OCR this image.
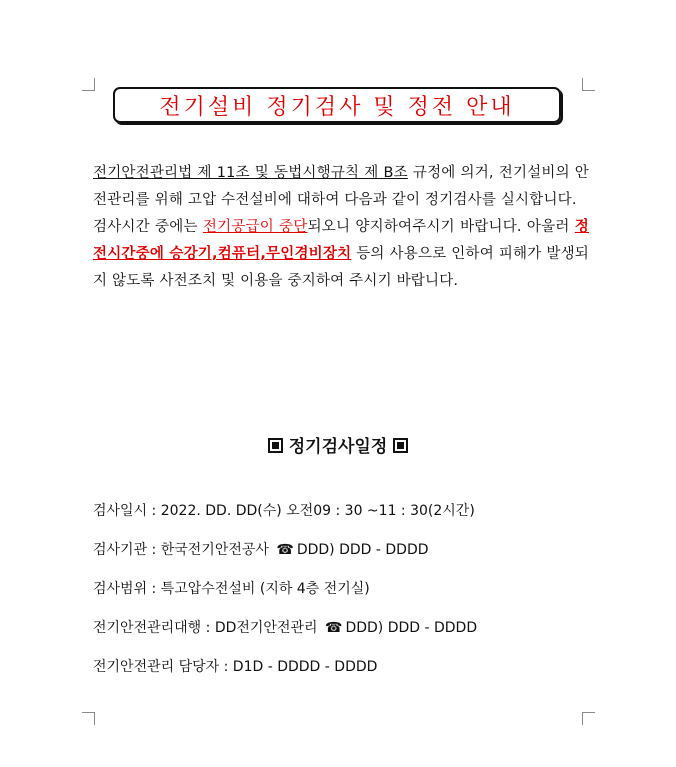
전기설비 정기검사 및 정전 안내
전기안전관리법 제 11조 및 동법시행규칙 제 B조 규정에 의거, 전기설비의 안전관리를 위해 고압 수전설비에 대하여 다음과 같이 정기검사를 실시합니다.
검사시간 중에는 전기공급이 중단되오니 양지하여주시기 바랍니다. 아울러 정전시간중에 승강기,컴퓨터,무인경비장치 등의 사용으로 인하여 피해가 발생되지 않도록 사전조치 및 이용을 중지하여 주시기 바랍니다.
정기검사일정
검사일시 : 2022. DD. DD(수) 오전09 : 30 ~11 : 30(2시간)
검사기관 : 한국전기안전공사 ☎ DDD) DDD - DDDD
검사범위 : 특고압수전설비 (지하 4층 전기실)
전기안전관리대행 : DD전기안전관리 ☎ DDD) DDD - DDDD
전기안전관리 담당자 : D1D - DDDD - DDDD
